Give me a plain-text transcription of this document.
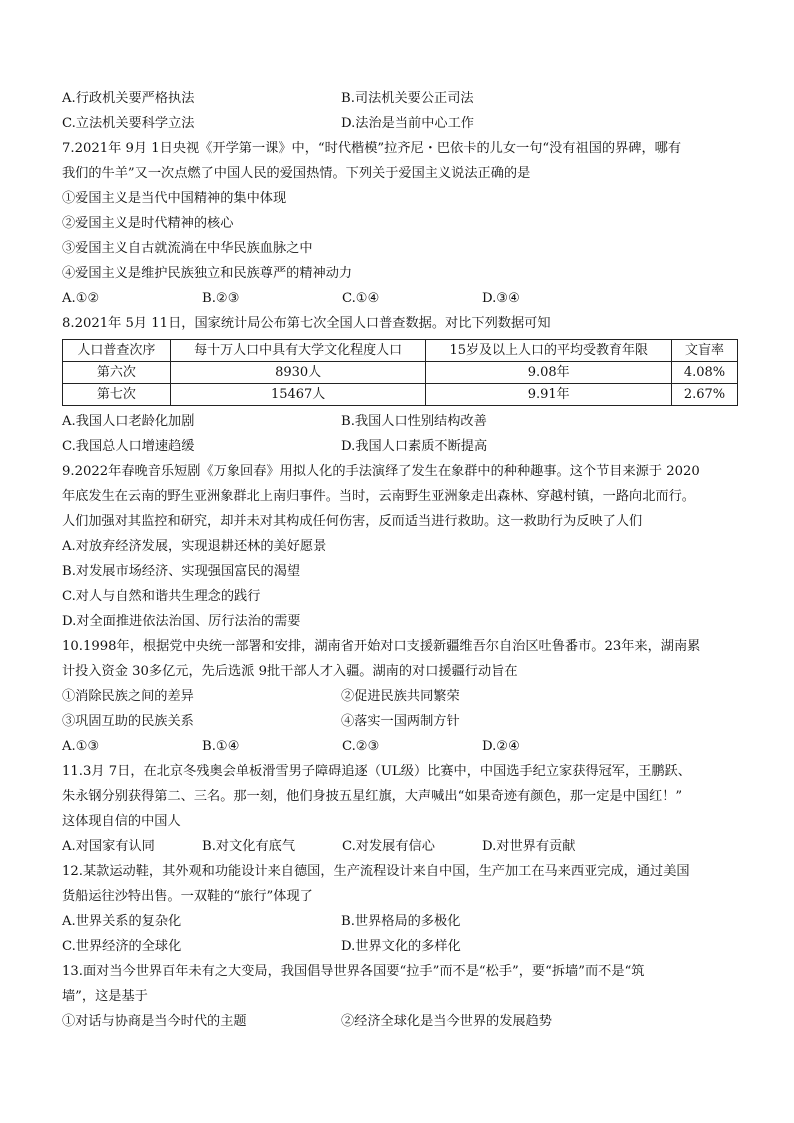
A.行政机关要严格执法	B.司法机关要公正司法
C.立法机关要科学立法	D.法治是当前中心工作
7.2021年 9月 1日央视《开学第一课》中，“时代楷模”拉齐尼・巴依卡的儿女一句“没有祖国的界碑，哪有
我们的牛羊”又一次点燃了中国人民的爱国热情。下列关于爱国主义说法正确的是
①爱国主义是当代中国精神的集中体现
②爱国主义是时代精神的核心
③爱国主义自古就流淌在中华民族血脉之中
④爱国主义是维护民族独立和民族尊严的精神动力
A.①②	B.②③	C.①④	D.③④
8.2021年 5月 11日，国家统计局公布第七次全国人口普查数据。对比下列数据可知
人口普查次序	每十万人口中具有大学文化程度人口	15岁及以上人口的平均受教育年限	文盲率
第六次	8930人	9.08年	4.08%
第七次	15467人	9.91年	2.67%
A.我国人口老龄化加剧	B.我国人口性别结构改善
C.我国总人口增速趋缓	D.我国人口素质不断提高
9.2022年春晚音乐短剧《万象回春》用拟人化的手法演绎了发生在象群中的种种趣事。这个节目来源于 2020
年底发生在云南的野生亚洲象群北上南归事件。当时，云南野生亚洲象走出森林、穿越村镇，一路向北而行。
人们加强对其监控和研究，却并未对其构成任何伤害，反而适当进行救助。这一救助行为反映了人们
A.对放弃经济发展，实现退耕还林的美好愿景
B.对发展市场经济、实现强国富民的渴望
C.对人与自然和谐共生理念的践行
D.对全面推进依法治国、厉行法治的需要
10.1998年，根据党中央统一部署和安排，湖南省开始对口支援新疆维吾尔自治区吐鲁番市。23年来，湖南累
计投入资金 30多亿元，先后选派 9批干部人才入疆。湖南的对口援疆行动旨在
①消除民族之间的差异	②促进民族共同繁荣
③巩固互助的民族关系	④落实一国两制方针
A.①③	B.①④	C.②③	D.②④
11.3月 7日，在北京冬残奥会单板滑雪男子障碍追逐（UL级）比赛中，中国选手纪立家获得冠军，王鹏跃、
朱永钢分别获得第二、三名。那一刻，他们身披五星红旗，大声喊出“如果奇迹有颜色，那一定是中国红！”
这体现自信的中国人
A.对国家有认同	B.对文化有底气	C.对发展有信心	D.对世界有贡献
12.某款运动鞋，其外观和功能设计来自德国，生产流程设计来自中国，生产加工在马来西亚完成，通过美国
货船运往沙特出售。一双鞋的“旅行”体现了
A.世界关系的复杂化	B.世界格局的多极化
C.世界经济的全球化	D.世界文化的多样化
13.面对当今世界百年未有之大变局，我国倡导世界各国要“拉手”而不是“松手”，要“拆墙”而不是“筑
墙”，这是基于
①对话与协商是当今时代的主题	②经济全球化是当今世界的发展趋势
